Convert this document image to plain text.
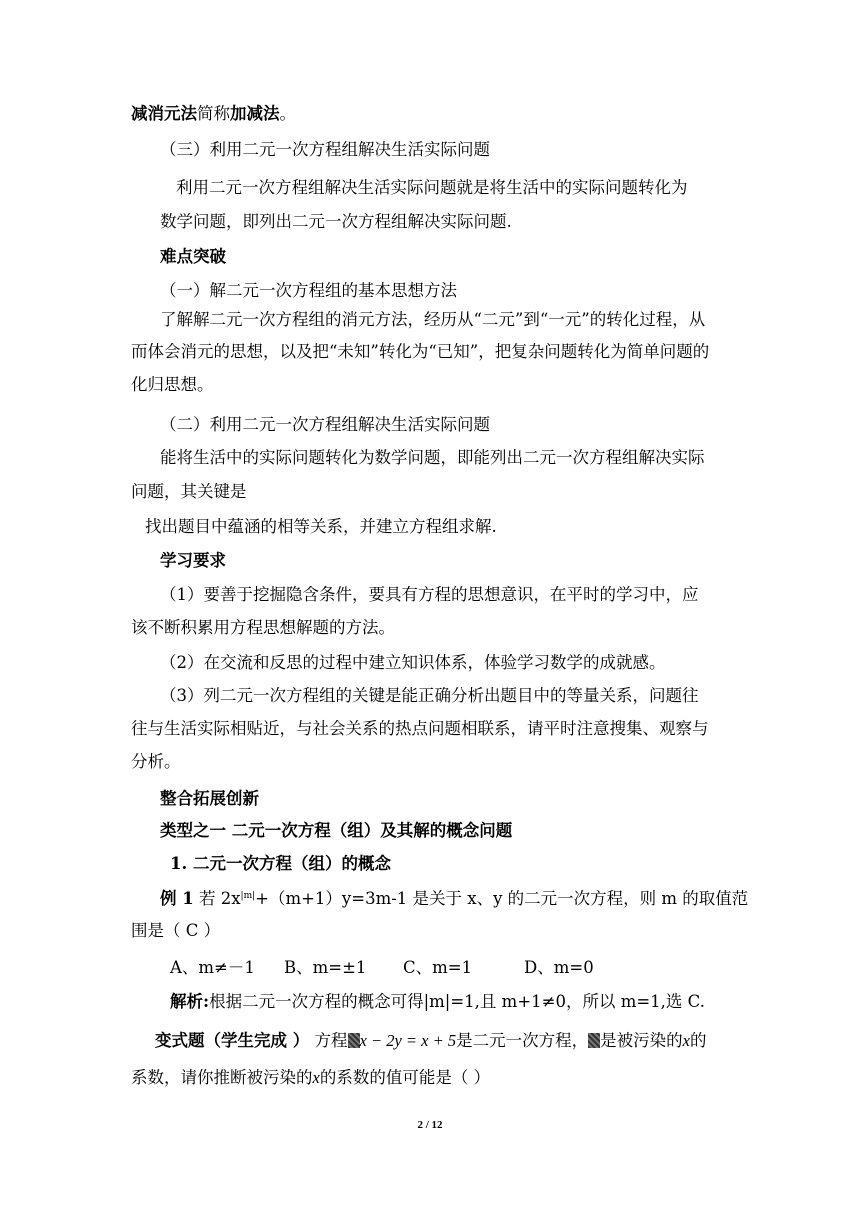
减消元法简称加减法。
（三）利用二元一次方程组解决生活实际问题
利用二元一次方程组解决生活实际问题就是将生活中的实际问题转化为
数学问题，即列出二元一次方程组解决实际问题.
难点突破
（一）解二元一次方程组的基本思想方法
了解解二元一次方程组的消元方法，经历从“二元”到“一元”的转化过程，从
而体会消元的思想，以及把“未知”转化为“已知”，把复杂问题转化为简单问题的
化归思想。
（二）利用二元一次方程组解决生活实际问题
能将生活中的实际问题转化为数学问题，即能列出二元一次方程组解决实际
问题，其关键是
找出题目中蕴涵的相等关系，并建立方程组求解.
学习要求
（1）要善于挖掘隐含条件，要具有方程的思想意识，在平时的学习中，应
该不断积累用方程思想解题的方法。
（2）在交流和反思的过程中建立知识体系，体验学习数学的成就感。
（3）列二元一次方程组的关键是能正确分析出题目中的等量关系，问题往
往与生活实际相贴近，与社会关系的热点问题相联系，请平时注意搜集、观察与
分析。
整合拓展创新
类型之一 二元一次方程（组）及其解的概念问题
1. 二元一次方程（组）的概念
例 1 若 $2x^{|m|}+(m+1)y=3m-1$ 是关于 x、y 的二元一次方程，则 m 的取值范
围是（ C ）
A、m≠－1 B、m=±1 C、m=1	D、m=0
解析:根据二元一次方程的概念可得|m|=1,且 m+1≠0，所以 m=1,选 C.
变式题（学生完成 ） 方程 x − 2y = x + 5是二元一次方程， 是被污染的x的
系数，请你推断被污染的x的系数的值可能是（ ）
2 / 12
